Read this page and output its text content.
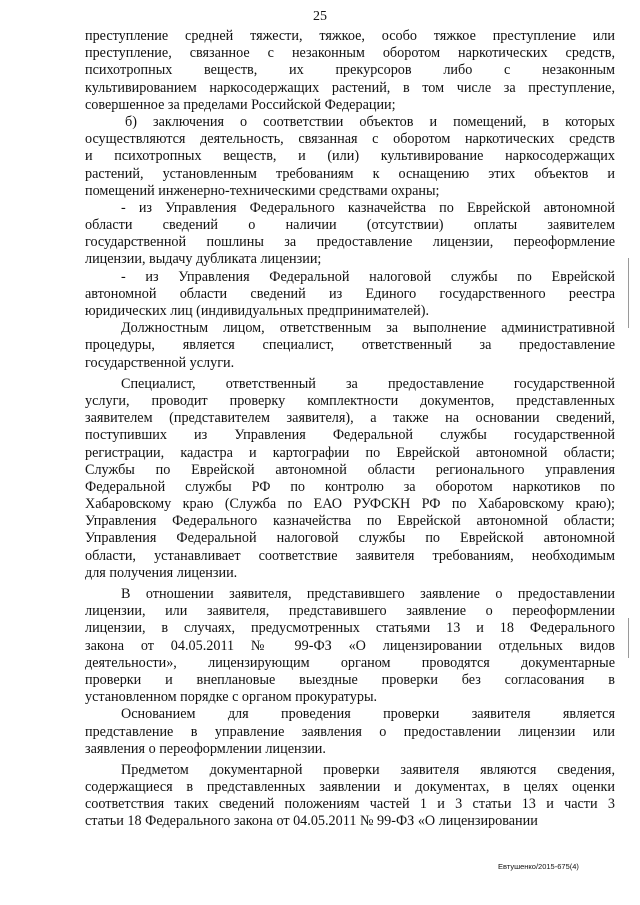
25
преступление средней тяжести, тяжкое, особо тяжкое преступление или
преступление, связанное с незаконным оборотом наркотических средств,
психотропных веществ, их прекурсоров либо с незаконным
культивированием наркосодержащих растений, в том числе за преступление,
совершенное за пределами Российской Федерации;
б) заключения о соответствии объектов и помещений, в которых
осуществляются деятельность, связанная с оборотом наркотических средств
и психотропных веществ, и (или) культивирование наркосодержащих
растений, установленным требованиям к оснащению этих объектов и
помещений инженерно-техническими средствами охраны;
- из Управления Федерального казначейства по Еврейской автономной
области сведений о наличии (отсутствии) оплаты заявителем
государственной пошлины за предоставление лицензии, переоформление
лицензии, выдачу дубликата лицензии;
- из Управления Федеральной налоговой службы по Еврейской
автономной области сведений из Единого государственного реестра
юридических лиц (индивидуальных предпринимателей).
Должностным лицом, ответственным за выполнение административной
процедуры, является специалист, ответственный за предоставление
государственной услуги.
Специалист, ответственный за предоставление государственной
услуги, проводит проверку комплектности документов, представленных
заявителем (представителем заявителя), а также на основании сведений,
поступивших из Управления Федеральной службы государственной
регистрации, кадастра и картографии по Еврейской автономной области;
Службы по Еврейской автономной области регионального управления
Федеральной службы РФ по контролю за оборотом наркотиков по
Хабаровскому краю (Служба по ЕАО РУФСКН РФ по Хабаровскому краю);
Управления Федерального казначейства по Еврейской автономной области;
Управления Федеральной налоговой службы по Еврейской автономной
области, устанавливает соответствие заявителя требованиям, необходимым
для получения лицензии.
В отношении заявителя, представившего заявление о предоставлении
лицензии, или заявителя, представившего заявление о переоформлении
лицензии, в случаях, предусмотренных статьями 13 и 18 Федерального
закона от 04.05.2011 № 99-ФЗ «О лицензировании отдельных видов
деятельности», лицензирующим органом проводятся документарные
проверки и внеплановые выездные проверки без согласования в
установленном порядке с органом прокуратуры.
Основанием для проведения проверки заявителя является
представление в управление заявления о предоставлении лицензии или
заявления о переоформлении лицензии.
Предметом документарной проверки заявителя являются сведения,
содержащиеся в представленных заявлении и документах, в целях оценки
соответствия таких сведений положениям частей 1 и 3 статьи 13 и части 3
статьи 18 Федерального закона от 04.05.2011 № 99-ФЗ «О лицензировании
Евтушенко/2015-675(4)
